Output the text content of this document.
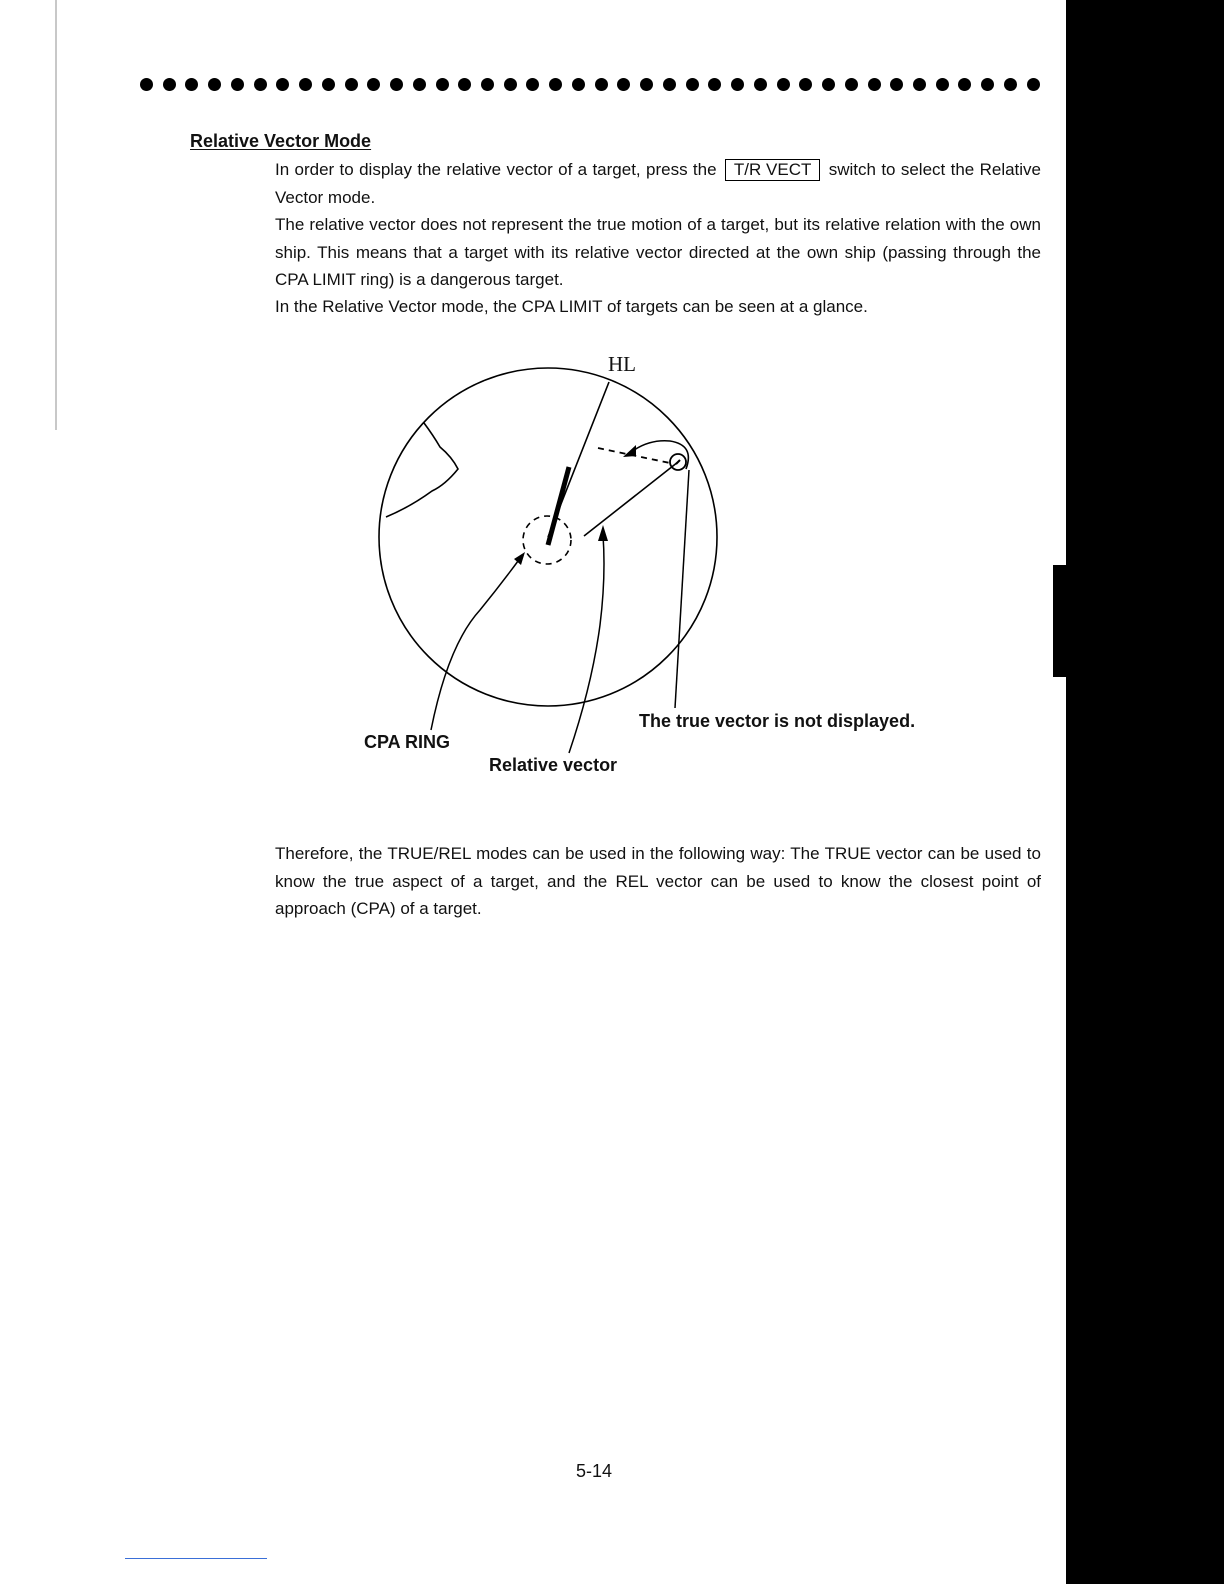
Relative Vector Mode
In order to display the relative vector of a target, press the T/R VECT switch to select the Relative Vector mode.
The relative vector does not represent the true motion of a target, but its relative relation with the own ship. This means that a target with its relative vector directed at the own ship (passing through the CPA LIMIT ring) is a dangerous target.
In the Relative Vector mode, the CPA LIMIT of targets can be seen at a glance.
HL
The true vector is not displayed.
CPA RING
Relative vector
Therefore, the TRUE/REL modes can be used in the following way: The TRUE vector can be used to know the true aspect of a target, and the REL vector can be used to know the closest point of approach (CPA) of a target.
5-14
